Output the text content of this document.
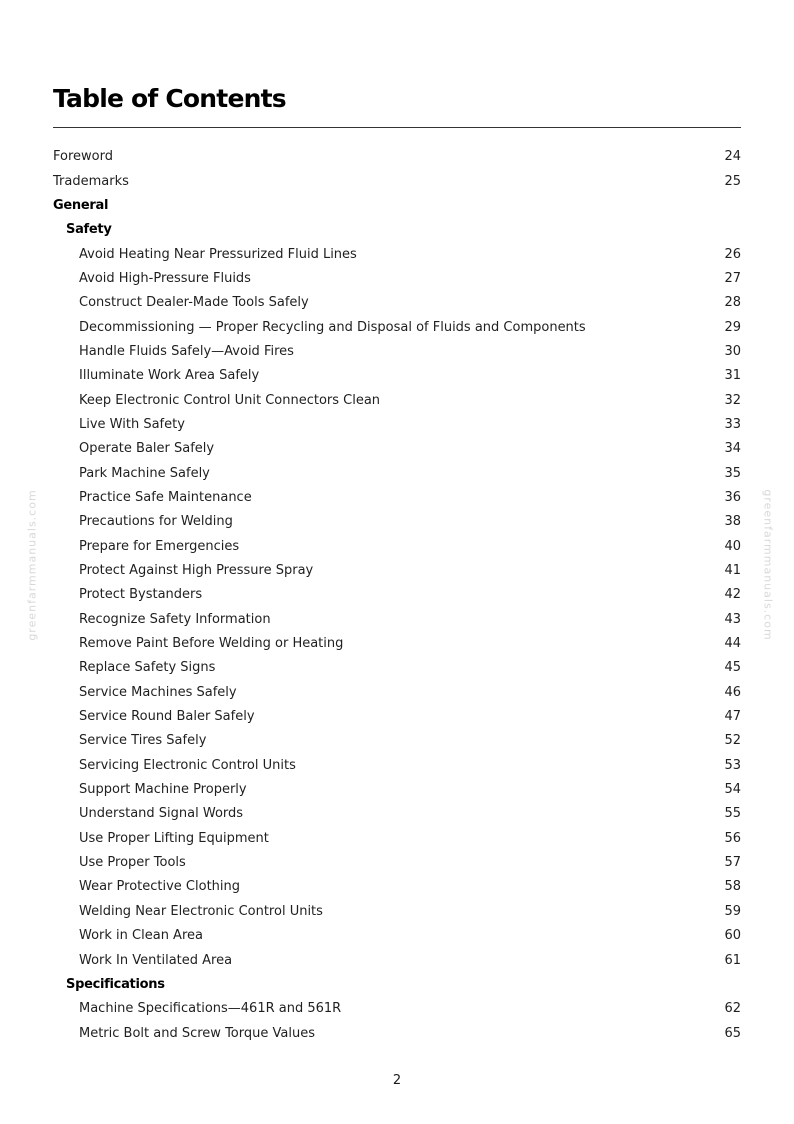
Table of Contents
Foreword	24
Trademarks	25
General
Safety
Avoid Heating Near Pressurized Fluid Lines	26
Avoid High-Pressure Fluids	27
Construct Dealer-Made Tools Safely	28
Decommissioning — Proper Recycling and Disposal of Fluids and Components	29
Handle Fluids Safely—Avoid Fires	30
Illuminate Work Area Safely	31
Keep Electronic Control Unit Connectors Clean	32
Live With Safety	33
Operate Baler Safely	34
Park Machine Safely	35
Practice Safe Maintenance	36
Precautions for Welding	38
Prepare for Emergencies	40
Protect Against High Pressure Spray	41
Protect Bystanders	42
Recognize Safety Information	43
Remove Paint Before Welding or Heating	44
Replace Safety Signs	45
Service Machines Safely	46
Service Round Baler Safely	47
Service Tires Safely	52
Servicing Electronic Control Units	53
Support Machine Properly	54
Understand Signal Words	55
Use Proper Lifting Equipment	56
Use Proper Tools	57
Wear Protective Clothing	58
Welding Near Electronic Control Units	59
Work in Clean Area	60
Work In Ventilated Area	61
Specifications
Machine Specifications—461R and 561R	62
Metric Bolt and Screw Torque Values	65
2
greenfarmmanuals.com	greenfarmmanuals.com
